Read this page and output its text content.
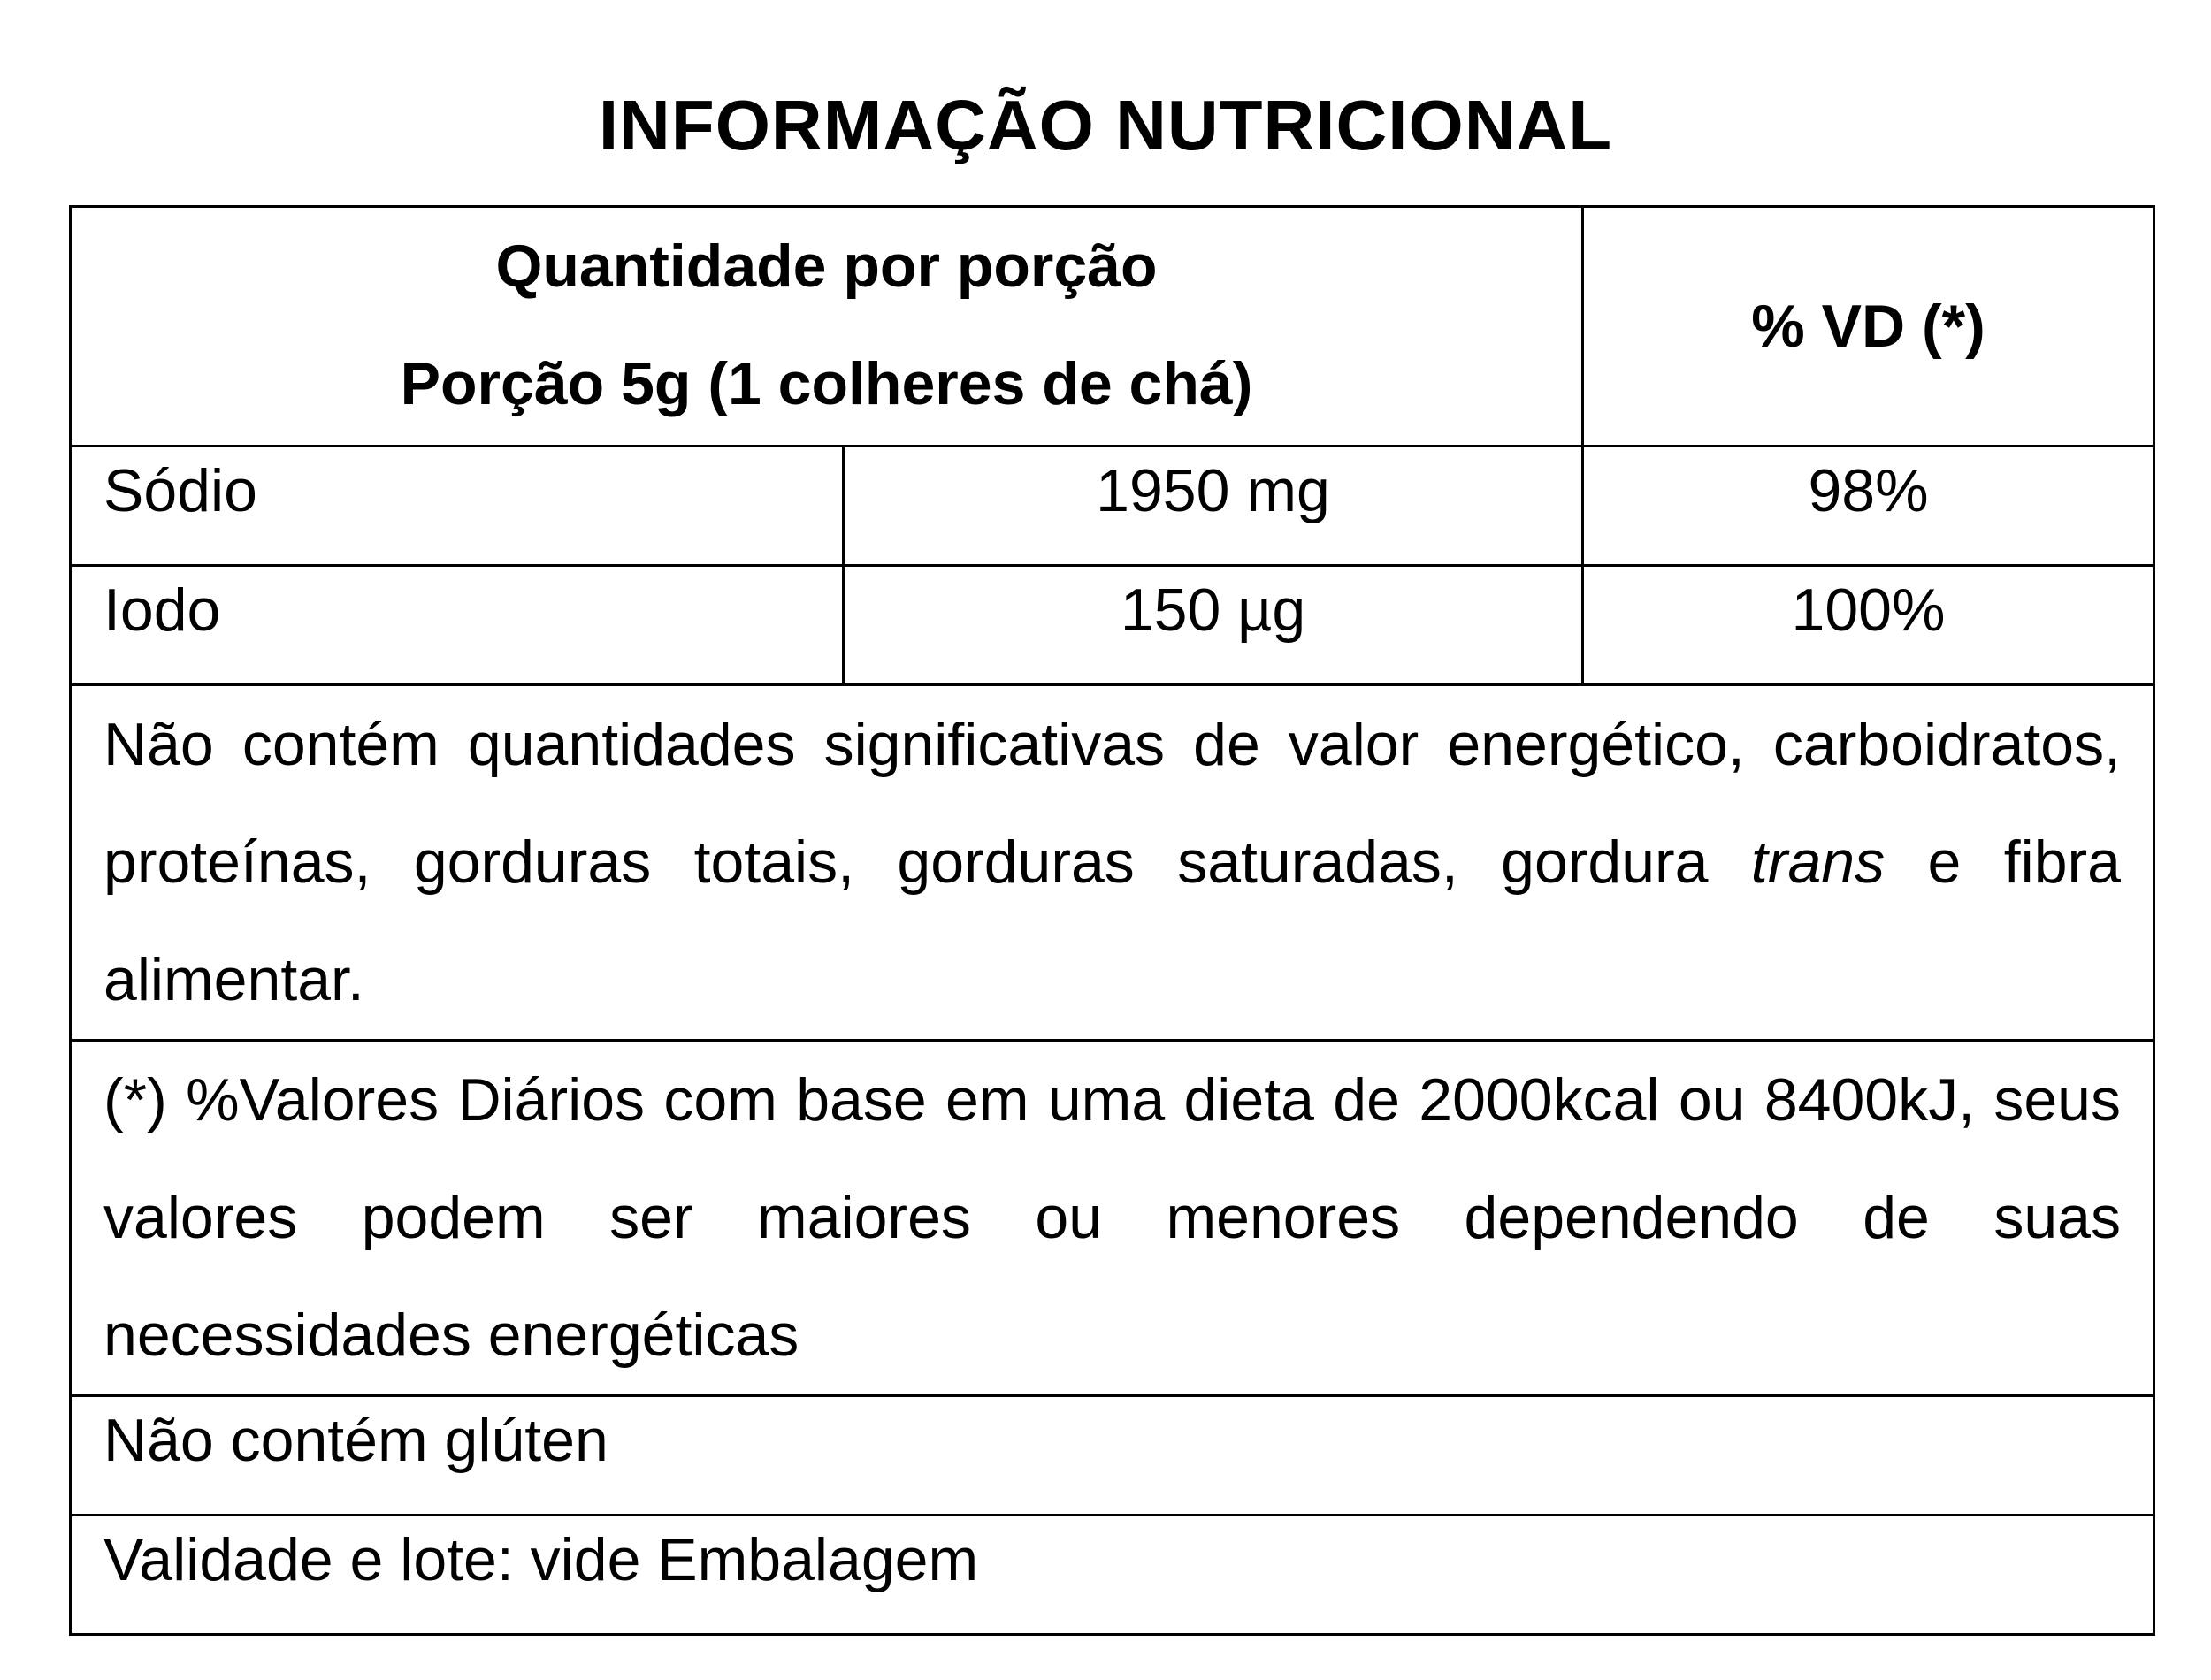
INFORMAÇÃO NUTRICIONAL
Quantidade por porção
Porção 5g (1 colheres de chá)		% VD (*)
Sódio	1950 mg	98%
Iodo	150 µg	100%
Não contém quantidades significativas de valor energético, carboidratos, proteínas, gorduras totais, gorduras saturadas, gordura trans e fibra alimentar.		
(*) %Valores Diários com base em uma dieta de 2000kcal ou 8400kJ, seus valores podem ser maiores ou menores dependendo de suas necessidades energéticas		
Não contém glúten		
Validade e lote: vide Embalagem		
